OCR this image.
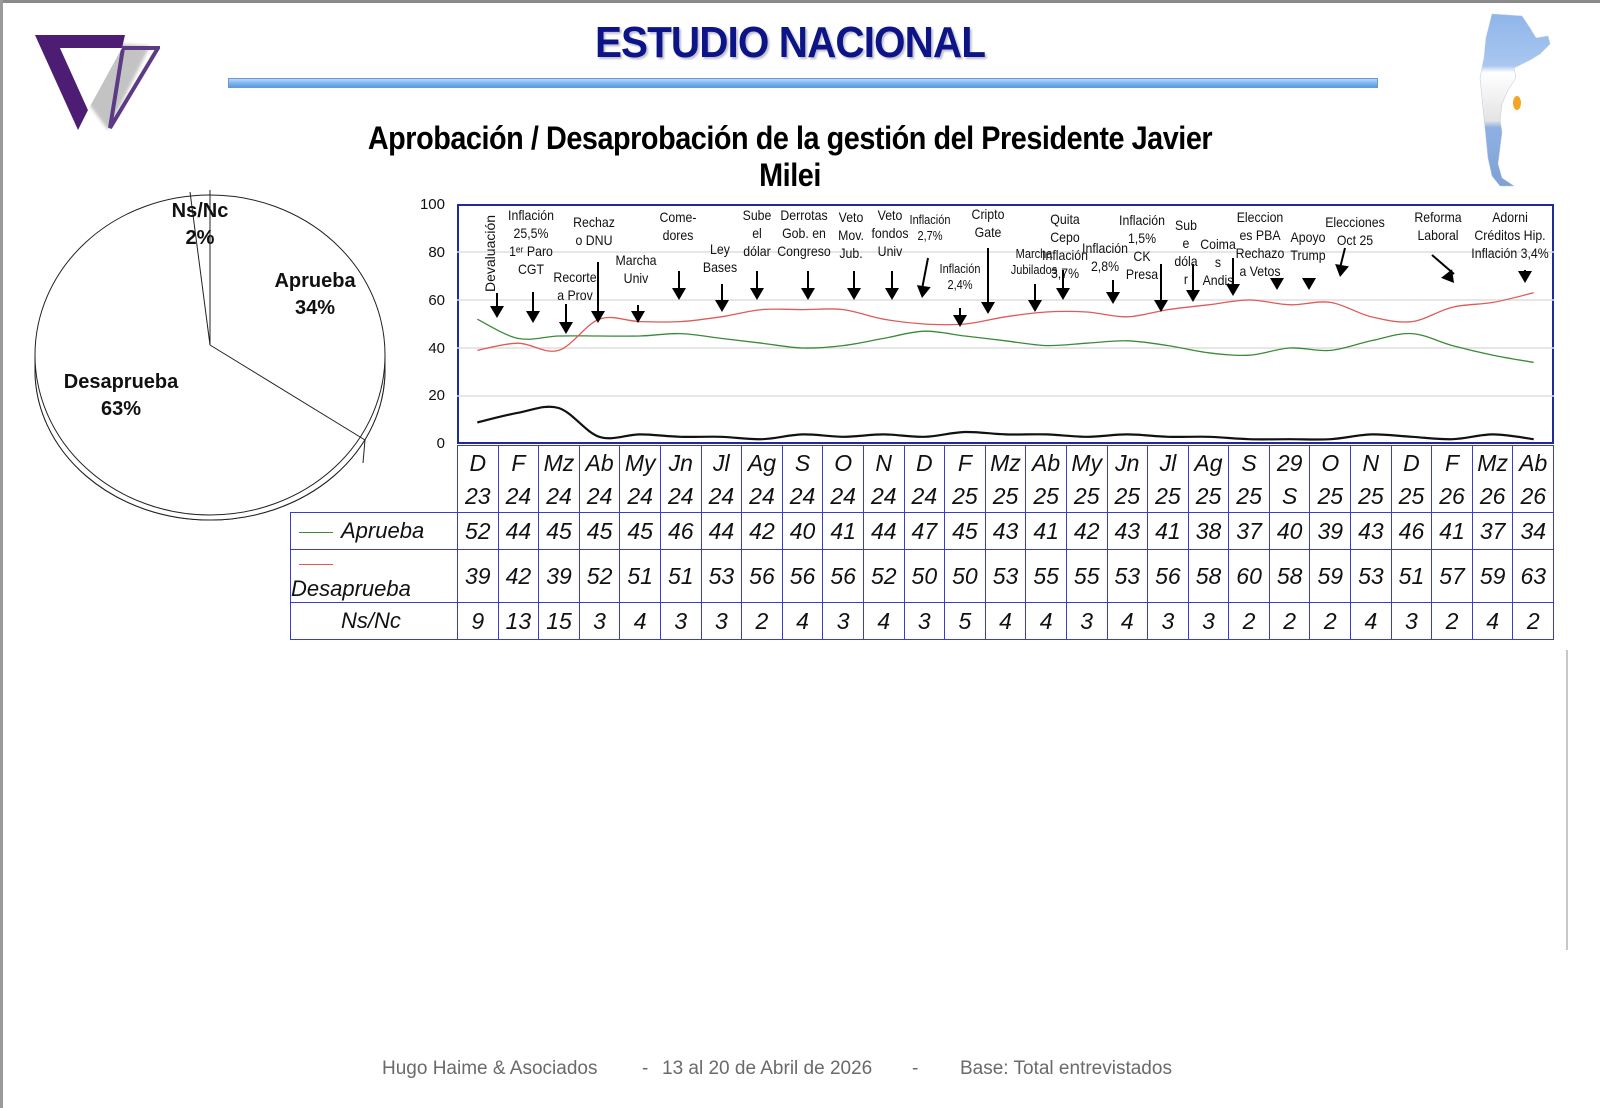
ESTUDIO NACIONAL
Aprobación / Desaprobación de la gestión del Presidente Javier Milei
Ns/Nc
2%
Aprueba
34%
Desaprueba
63%
100
80
60
40
20
0
Devaluación Inflación
25,5%
1ᵉʳ Paro
CGT Recorte
a Prov
Rechaz
o DNU
Marcha
Univ
Come-
dores
Ley
Bases
Sube
el
dólar
Derrotas
Gob. en
Congreso
Veto
Mov.
Jub.
Veto
fondos
Univ
Inflación
2,7%
Inflación
2,4%
Cripto
Gate
Marcha
Jubilados
Quita
Cepo
Inflación
3,7%
Inflación
2,8%
Inflación
1,5%
CK
Presa
Sub
e
dóla
r
Coima
s
Andis
Eleccion
es PBA
Rechazo
a Vetos
Apoyo
Trump
Elecciones
Oct 25
Reforma
Laboral
Adorni
Créditos Hip.
Inflación 3,4%
	D	F	Mz	Ab	My	Jn	Jl	Ag	S	O	N	D	F	Mz	Ab	My	Jn	Jl	Ag	S	29	O	N	D	F	Mz	Ab
	23	24	24	24	24	24	24	24	24	24	24	24	25	25	25	25	25	25	25	25	S	25	25	25	26	26	26
Aprueba	52	44	45	45	45	46	44	42	40	41	44	47	45	43	41	42	43	41	38	37	40	39	43	46	41	37	34
Desaprueba	39	42	39	52	51	51	53	56	56	56	52	50	50	53	55	55	53	56	58	60	58	59	53	51	57	59	63
Ns/Nc	9	13	15	3	4	3	3	2	4	3	4	3	5	4	4	3	4	3	3	2	2	2	4	3	2	4	2
Hugo Haime & Asociados - 13 al 20 de Abril de 2026 - Base: Total entrevistados
